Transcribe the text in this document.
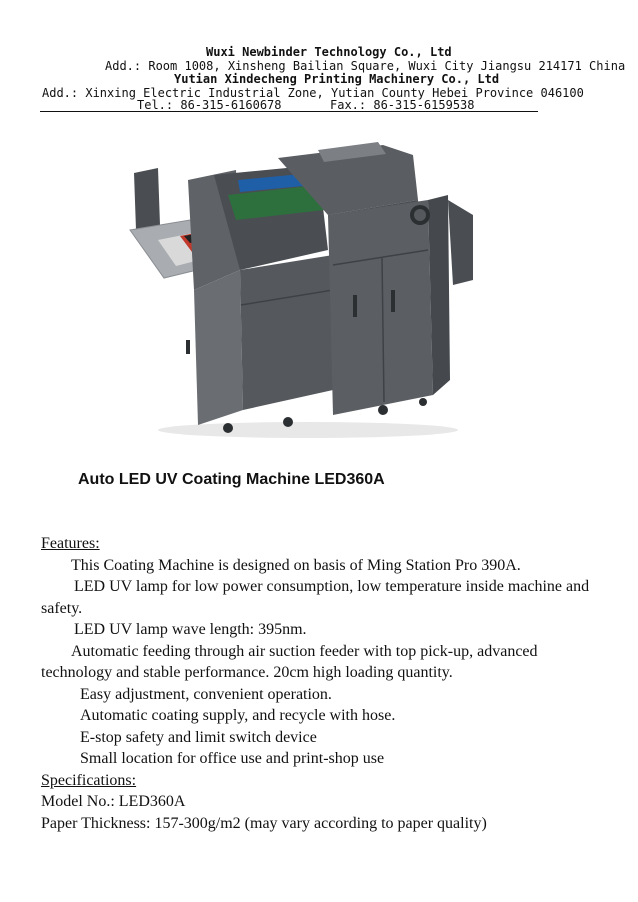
Wuxi Newbinder Technology Co., Ltd
Add.: Room 1008, Xinsheng Bailian Square, Wuxi City Jiangsu 214171 China
Yutian Xindecheng Printing Machinery Co., Ltd
Add.: Xinxing Electric Industrial Zone, Yutian County Hebei Province 046100
Tel.: 86-315-6160678	Fax.: 86-315-6159538
Auto LED UV Coating Machine LED360A

Features:

This Coating Machine is designed on basis of Ming Station Pro 390A.

LED UV lamp for low power consumption, low temperature inside machine and safety.

LED UV lamp wave length: 395nm.

Automatic feeding through air suction feeder with top pick-up, advanced technology and stable performance. 20cm high loading quantity.

Easy adjustment, convenient operation.

Automatic coating supply, and recycle with hose.

E-stop safety and limit switch device

Small location for office use and print-shop use

Specifications:

Model No.: LED360A

Paper Thickness: 157-300g/m2 (may vary according to paper quality)
